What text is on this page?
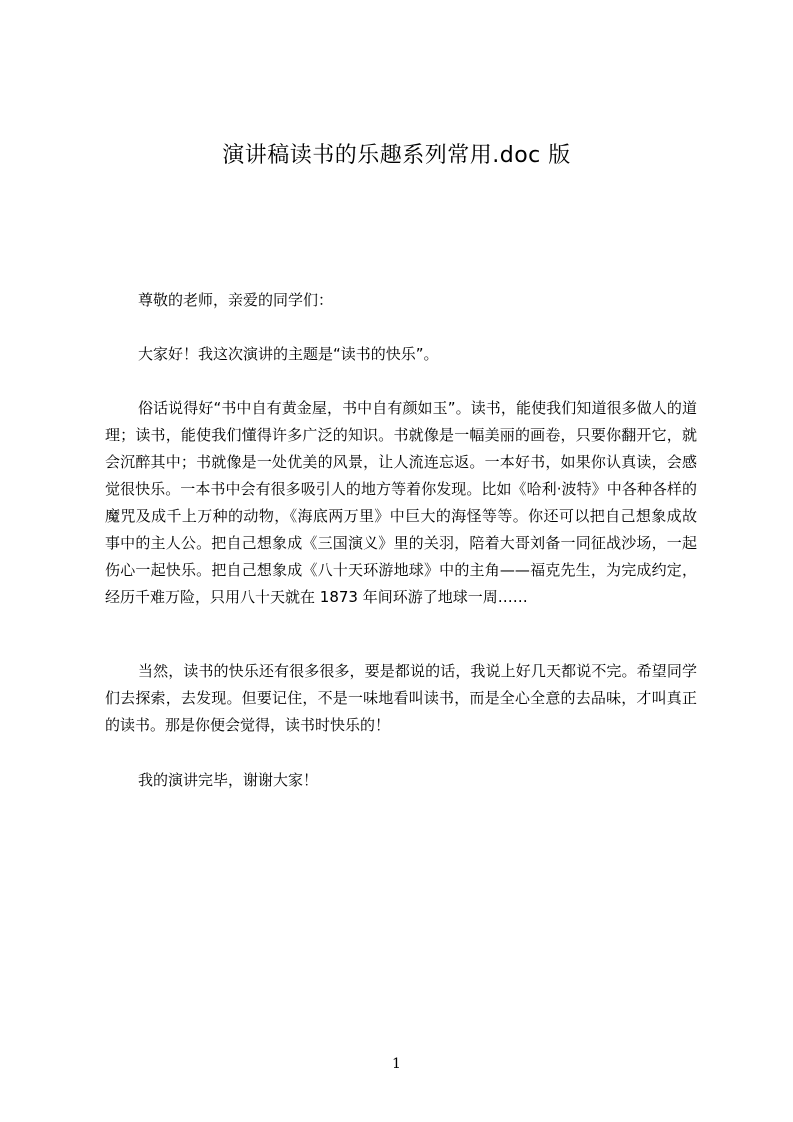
演讲稿读书的乐趣系列常用.doc 版

尊敬的老师，亲爱的同学们：

大家好！我这次演讲的主题是“读书的快乐”。

俗话说得好“书中自有黄金屋，书中自有颜如玉”。读书，能使我们知道很多做人的道理；读书，能使我们懂得许多广泛的知识。书就像是一幅美丽的画卷，只要你翻开它，就会沉醉其中；书就像是一处优美的风景，让人流连忘返。一本好书，如果你认真读，会感觉很快乐。一本书中会有很多吸引人的地方等着你发现。比如《哈利·波特》中各种各样的魔咒及成千上万种的动物，《海底两万里》中巨大的海怪等等。你还可以把自己想象成故事中的主人公。把自己想象成《三国演义》里的关羽，陪着大哥刘备一同征战沙场，一起伤心一起快乐。把自己想象成《八十天环游地球》中的主角——福克先生，为完成约定，经历千难万险，只用八十天就在 1873 年间环游了地球一周……

当然，读书的快乐还有很多很多，要是都说的话，我说上好几天都说不完。希望同学们去探索，去发现。但要记住，不是一味地看叫读书，而是全心全意的去品味，才叫真正的读书。那是你便会觉得，读书时快乐的！

我的演讲完毕，谢谢大家！

1
